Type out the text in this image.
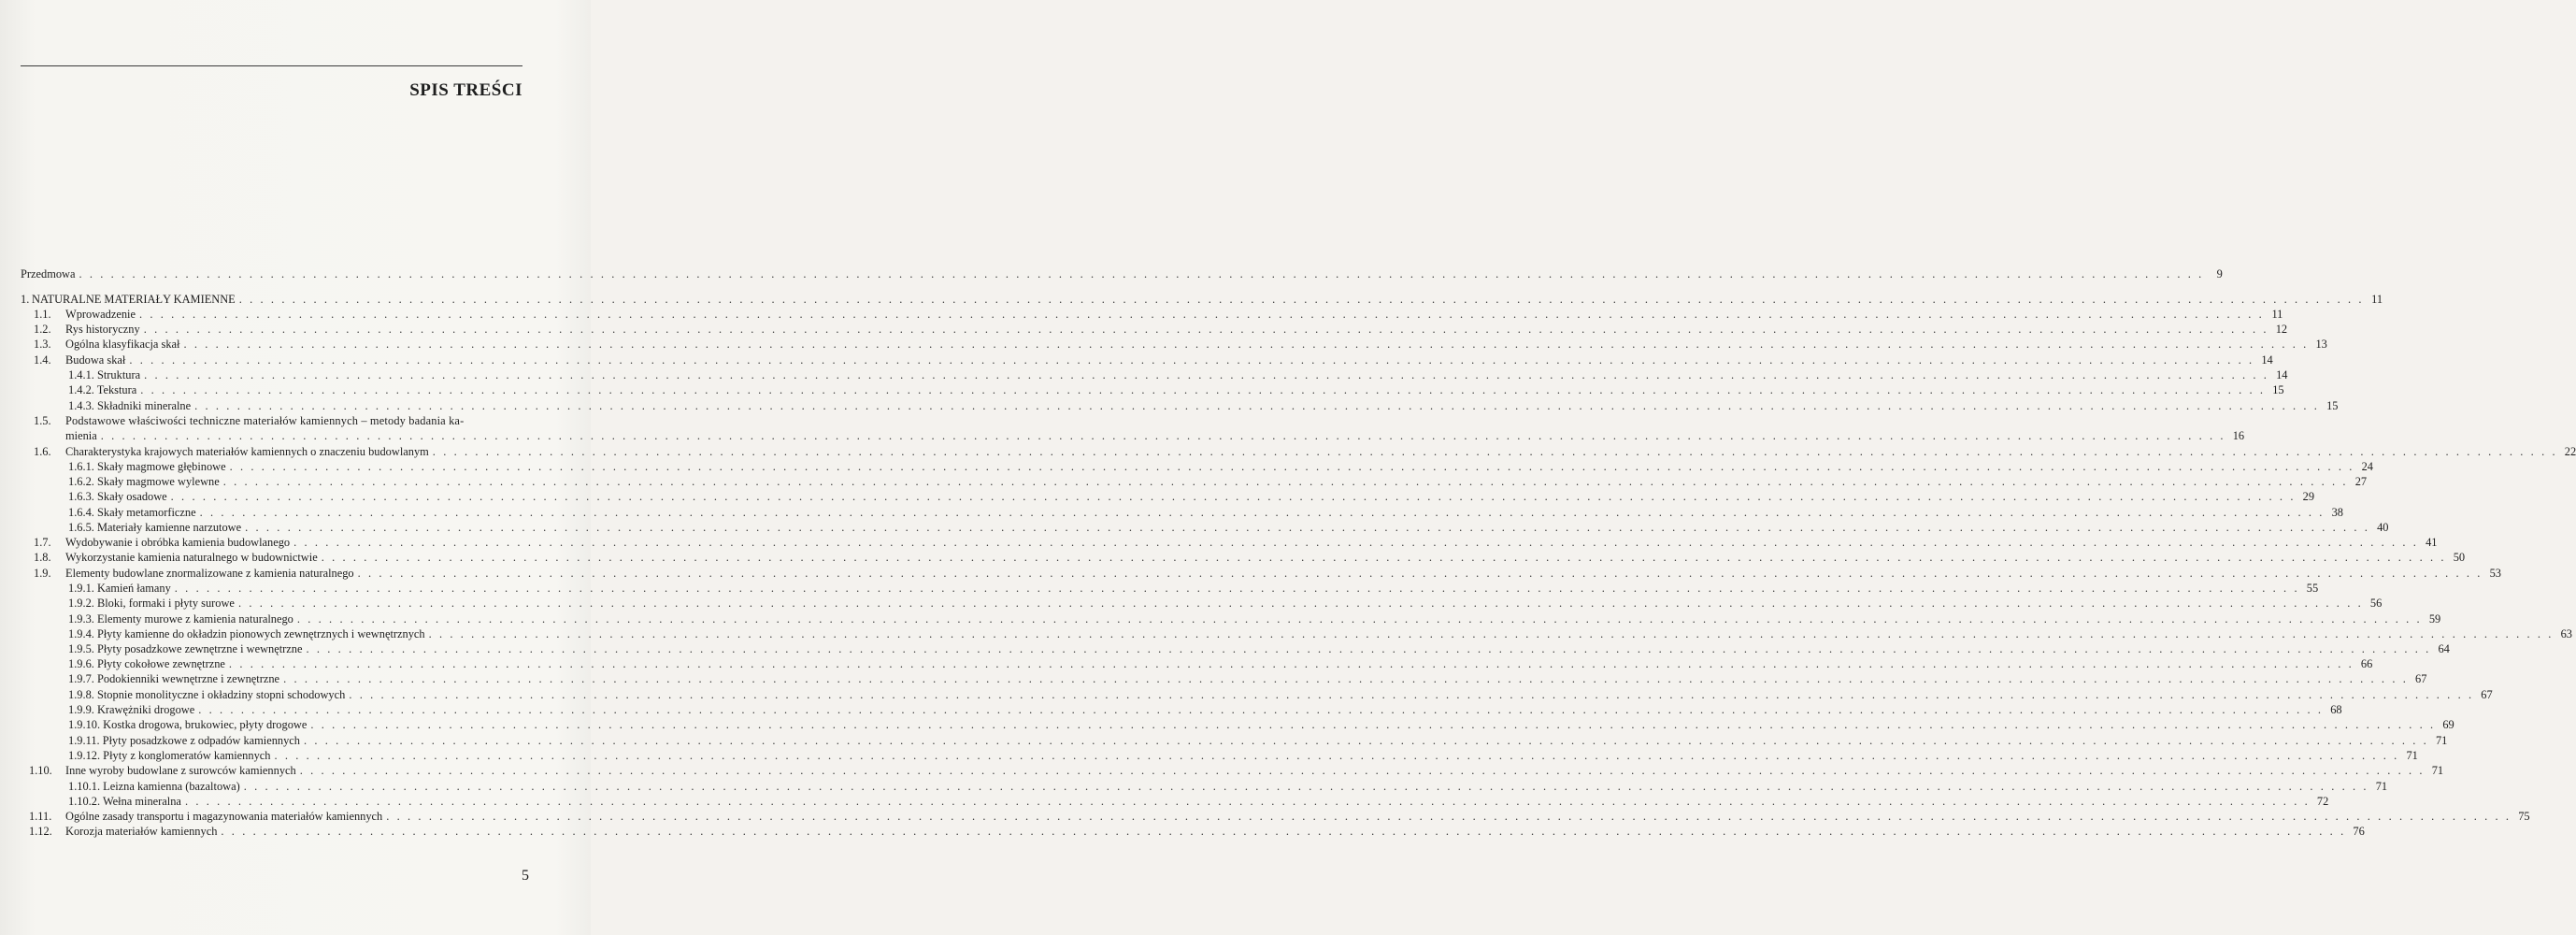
SPIS TREŚCI
Przedmowa . . . . . . . . . . . . . . . . . . . . . . . . . . . . . . . . . . . . . . . . . . . . . . . . . . . . . . . . . . . . . . . . . . . . . . . . . . . . . . . . . . . . . . . . . . . . . . . . . . . . . . . . . . . . . . . . . . . . . . . . . . . . . . . . . . . . . . . . . . . . . . . . . . . . . . . . . . . . . . . . . . . . . . . . . . . . . . . . . . . . . . . . . . . . . . . . . . . . . . . .	9
1. NATURALNE MATERIAŁY KAMIENNE . . . . . . . . . . . . . . . . . . . . . . . . . . . . . . . . . . . . . . . . . . . . . . . . . . . . . . . . . . . . . . . . . . . . . . . . . . . . . . . . . . . . . . . . . . . . . . . . . . . . . . . . . . . . . . . . . . . . . . . . . . . . . . . . . . . . . . . . . . . . . . . . . . . . . . . . . . . . . . . . . . . . . . . . . . . . . . . . . . . . . . . . . . . . . . . . . . . . . . . . 11
1.1. Wprowadzenie . . . . . . . . . . . . . . . . . . . . . . . . . . . . . . . . . . . . . . . . . . . . . . . . . . . . . . . . . . . . . . . . . . . . . . . . . . . . . . . . . . . . . . . . . . . . . . . . . . . . . . . . . . . . . . . . . . . . . . . . . . . . . . . . . . . . . . . . . . . . . . . . . . . . . . . . . . . . . . . . . . . . . . . . . . . . . . . . . . . . . . . . . . . . . . . . . . . . . . . . 11
1.2. Rys historyczny . . . . . . . . . . . . . . . . . . . . . . . . . . . . . . . . . . . . . . . . . . . . . . . . . . . . . . . . . . . . . . . . . . . . . . . . . . . . . . . . . . . . . . . . . . . . . . . . . . . . . . . . . . . . . . . . . . . . . . . . . . . . . . . . . . . . . . . . . . . . . . . . . . . . . . . . . . . . . . . . . . . . . . . . . . . . . . . . . . . . . . . . . . . . . . . . . . . . . . . . 12
1.3. Ogólna klasyfikacja skał . . . . . . . . . . . . . . . . . . . . . . . . . . . . . . . . . . . . . . . . . . . . . . . . . . . . . . . . . . . . . . . . . . . . . . . . . . . . . . . . . . . . . . . . . . . . . . . . . . . . . . . . . . . . . . . . . . . . . . . . . . . . . . . . . . . . . . . . . . . . . . . . . . . . . . . . . . . . . . . . . . . . . . . . . . . . . . . . . . . . . . . . . . . . . . . . . . . . . . . . 13
1.4. Budowa skał . . . . . . . . . . . . . . . . . . . . . . . . . . . . . . . . . . . . . . . . . . . . . . . . . . . . . . . . . . . . . . . . . . . . . . . . . . . . . . . . . . . . . . . . . . . . . . . . . . . . . . . . . . . . . . . . . . . . . . . . . . . . . . . . . . . . . . . . . . . . . . . . . . . . . . . . . . . . . . . . . . . . . . . . . . . . . . . . . . . . . . . . . . . . . . . . . . . . . . . . 14
1.4.1. Struktura . . . . . . . . . . . . . . . . . . . . . . . . . . . . . . . . . . . . . . . . . . . . . . . . . . . . . . . . . . . . . . . . . . . . . . . . . . . . . . . . . . . . . . . . . . . . . . . . . . . . . . . . . . . . . . . . . . . . . . . . . . . . . . . . . . . . . . . . . . . . . . . . . . . . . . . . . . . . . . . . . . . . . . . . . . . . . . . . . . . . . . . . . . . . . . . . . . . . . . . . 14
1.4.2. Tekstura . . . . . . . . . . . . . . . . . . . . . . . . . . . . . . . . . . . . . . . . . . . . . . . . . . . . . . . . . . . . . . . . . . . . . . . . . . . . . . . . . . . . . . . . . . . . . . . . . . . . . . . . . . . . . . . . . . . . . . . . . . . . . . . . . . . . . . . . . . . . . . . . . . . . . . . . . . . . . . . . . . . . . . . . . . . . . . . . . . . . . . . . . . . . . . . . . . . . . . . . 15
1.4.3. Składniki mineralne . . . . . . . . . . . . . . . . . . . . . . . . . . . . . . . . . . . . . . . . . . . . . . . . . . . . . . . . . . . . . . . . . . . . . . . . . . . . . . . . . . . . . . . . . . . . . . . . . . . . . . . . . . . . . . . . . . . . . . . . . . . . . . . . . . . . . . . . . . . . . . . . . . . . . . . . . . . . . . . . . . . . . . . . . . . . . . . . . . . . . . . . . . . . . . . . . . . . . . . . 15
1.5. Podstawowe właściwości techniczne materiałów kamiennych – metody badania ka-
mienia . . . . . . . . . . . . . . . . . . . . . . . . . . . . . . . . . . . . . . . . . . . . . . . . . . . . . . . . . . . . . . . . . . . . . . . . . . . . . . . . . . . . . . . . . . . . . . . . . . . . . . . . . . . . . . . . . . . . . . . . . . . . . . . . . . . . . . . . . . . . . . . . . . . . . . . . . . . . . . . . . . . . . . . . . . . . . . . . . . . . . . . . . . . . . . . . . . . . . . . . 16
1.6. Charakterystyka krajowych materiałów kamiennych o znaczeniu budowlanym . . . . . . . . . . . . . . . . . . . . . . . . . . . . . . . . . . . . . . . . . . . . . . . . . . . . . . . . . . . . . . . . . . . . . . . . . . . . . . . . . . . . . . . . . . . . . . . . . . . . . . . . . . . . . . . . . . . . . . . . . . . . . . . . . . . . . . . . . . . . . . . . . . . . . . . . . . . . . . . . . . . . . . . . . . . . . . . . . . . . . . . . . . . . . . . . . . . . . . . . 22
1.6.1. Skały magmowe głębinowe . . . . . . . . . . . . . . . . . . . . . . . . . . . . . . . . . . . . . . . . . . . . . . . . . . . . . . . . . . . . . . . . . . . . . . . . . . . . . . . . . . . . . . . . . . . . . . . . . . . . . . . . . . . . . . . . . . . . . . . . . . . . . . . . . . . . . . . . . . . . . . . . . . . . . . . . . . . . . . . . . . . . . . . . . . . . . . . . . . . . . . . . . . . . . . . . . . . . . . . . 24
1.6.2. Skały magmowe wylewne . . . . . . . . . . . . . . . . . . . . . . . . . . . . . . . . . . . . . . . . . . . . . . . . . . . . . . . . . . . . . . . . . . . . . . . . . . . . . . . . . . . . . . . . . . . . . . . . . . . . . . . . . . . . . . . . . . . . . . . . . . . . . . . . . . . . . . . . . . . . . . . . . . . . . . . . . . . . . . . . . . . . . . . . . . . . . . . . . . . . . . . . . . . . . . . . . . . . . . . . 27
1.6.3. Skały osadowe . . . . . . . . . . . . . . . . . . . . . . . . . . . . . . . . . . . . . . . . . . . . . . . . . . . . . . . . . . . . . . . . . . . . . . . . . . . . . . . . . . . . . . . . . . . . . . . . . . . . . . . . . . . . . . . . . . . . . . . . . . . . . . . . . . . . . . . . . . . . . . . . . . . . . . . . . . . . . . . . . . . . . . . . . . . . . . . . . . . . . . . . . . . . . . . . . . . . . . . . 29
1.6.4. Skały metamorficzne . . . . . . . . . . . . . . . . . . . . . . . . . . . . . . . . . . . . . . . . . . . . . . . . . . . . . . . . . . . . . . . . . . . . . . . . . . . . . . . . . . . . . . . . . . . . . . . . . . . . . . . . . . . . . . . . . . . . . . . . . . . . . . . . . . . . . . . . . . . . . . . . . . . . . . . . . . . . . . . . . . . . . . . . . . . . . . . . . . . . . . . . . . . . . . . . . . . . . . . . 38
1.6.5. Materiały kamienne narzutowe . . . . . . . . . . . . . . . . . . . . . . . . . . . . . . . . . . . . . . . . . . . . . . . . . . . . . . . . . . . . . . . . . . . . . . . . . . . . . . . . . . . . . . . . . . . . . . . . . . . . . . . . . . . . . . . . . . . . . . . . . . . . . . . . . . . . . . . . . . . . . . . . . . . . . . . . . . . . . . . . . . . . . . . . . . . . . . . . . . . . . . . . . . . . . . . . . . . . . . . . 40
1.7. Wydobywanie i obróbka kamienia budowlanego . . . . . . . . . . . . . . . . . . . . . . . . . . . . . . . . . . . . . . . . . . . . . . . . . . . . . . . . . . . . . . . . . . . . . . . . . . . . . . . . . . . . . . . . . . . . . . . . . . . . . . . . . . . . . . . . . . . . . . . . . . . . . . . . . . . . . . . . . . . . . . . . . . . . . . . . . . . . . . . . . . . . . . . . . . . . . . . . . . . . . . . . . . . . . . . . . . . . . . . . 41
1.8. Wykorzystanie kamienia naturalnego w budownictwie . . . . . . . . . . . . . . . . . . . . . . . . . . . . . . . . . . . . . . . . . . . . . . . . . . . . . . . . . . . . . . . . . . . . . . . . . . . . . . . . . . . . . . . . . . . . . . . . . . . . . . . . . . . . . . . . . . . . . . . . . . . . . . . . . . . . . . . . . . . . . . . . . . . . . . . . . . . . . . . . . . . . . . . . . . . . . . . . . . . . . . . . . . . . . . . . . . . . . . . . 50
1.9. Elementy budowlane znormalizowane z kamienia naturalnego . . . . . . . . . . . . . . . . . . . . . . . . . . . . . . . . . . . . . . . . . . . . . . . . . . . . . . . . . . . . . . . . . . . . . . . . . . . . . . . . . . . . . . . . . . . . . . . . . . . . . . . . . . . . . . . . . . . . . . . . . . . . . . . . . . . . . . . . . . . . . . . . . . . . . . . . . . . . . . . . . . . . . . . . . . . . . . . . . . . . . . . . . . . . . . . . . . . . . . . . 53
1.9.1. Kamień łamany . . . . . . . . . . . . . . . . . . . . . . . . . . . . . . . . . . . . . . . . . . . . . . . . . . . . . . . . . . . . . . . . . . . . . . . . . . . . . . . . . . . . . . . . . . . . . . . . . . . . . . . . . . . . . . . . . . . . . . . . . . . . . . . . . . . . . . . . . . . . . . . . . . . . . . . . . . . . . . . . . . . . . . . . . . . . . . . . . . . . . . . . . . . . . . . . . . . . . . . . 55
1.9.2. Bloki, formaki i płyty surowe . . . . . . . . . . . . . . . . . . . . . . . . . . . . . . . . . . . . . . . . . . . . . . . . . . . . . . . . . . . . . . . . . . . . . . . . . . . . . . . . . . . . . . . . . . . . . . . . . . . . . . . . . . . . . . . . . . . . . . . . . . . . . . . . . . . . . . . . . . . . . . . . . . . . . . . . . . . . . . . . . . . . . . . . . . . . . . . . . . . . . . . . . . . . . . . . . . . . . . . . 56
1.9.3. Elementy murowe z kamienia naturalnego . . . . . . . . . . . . . . . . . . . . . . . . . . . . . . . . . . . . . . . . . . . . . . . . . . . . . . . . . . . . . . . . . . . . . . . . . . . . . . . . . . . . . . . . . . . . . . . . . . . . . . . . . . . . . . . . . . . . . . . . . . . . . . . . . . . . . . . . . . . . . . . . . . . . . . . . . . . . . . . . . . . . . . . . . . . . . . . . . . . . . . . . . . . . . . . . . . . . . . . . 59
1.9.4. Płyty kamienne do okładzin pionowych zewnętrznych i wewnętrznych . . . . . . . . . . . . . . . . . . . . . . . . . . . . . . . . . . . . . . . . . . . . . . . . . . . . . . . . . . . . . . . . . . . . . . . . . . . . . . . . . . . . . . . . . . . . . . . . . . . . . . . . . . . . . . . . . . . . . . . . . . . . . . . . . . . . . . . . . . . . . . . . . . . . . . . . . . . . . . . . . . . . . . . . . . . . . . . . . . . . . . . . . . . . . . . . . . . . . . . . 63
1.9.5. Płyty posadzkowe zewnętrzne i wewnętrzne . . . . . . . . . . . . . . . . . . . . . . . . . . . . . . . . . . . . . . . . . . . . . . . . . . . . . . . . . . . . . . . . . . . . . . . . . . . . . . . . . . . . . . . . . . . . . . . . . . . . . . . . . . . . . . . . . . . . . . . . . . . . . . . . . . . . . . . . . . . . . . . . . . . . . . . . . . . . . . . . . . . . . . . . . . . . . . . . . . . . . . . . . . . . . . . . . . . . . . . . 64
1.9.6. Płyty cokołowe zewnętrzne . . . . . . . . . . . . . . . . . . . . . . . . . . . . . . . . . . . . . . . . . . . . . . . . . . . . . . . . . . . . . . . . . . . . . . . . . . . . . . . . . . . . . . . . . . . . . . . . . . . . . . . . . . . . . . . . . . . . . . . . . . . . . . . . . . . . . . . . . . . . . . . . . . . . . . . . . . . . . . . . . . . . . . . . . . . . . . . . . . . . . . . . . . . . . . . . . . . . . . . . 66
1.9.7. Podokienniki wewnętrzne i zewnętrzne . . . . . . . . . . . . . . . . . . . . . . . . . . . . . . . . . . . . . . . . . . . . . . . . . . . . . . . . . . . . . . . . . . . . . . . . . . . . . . . . . . . . . . . . . . . . . . . . . . . . . . . . . . . . . . . . . . . . . . . . . . . . . . . . . . . . . . . . . . . . . . . . . . . . . . . . . . . . . . . . . . . . . . . . . . . . . . . . . . . . . . . . . . . . . . . . . . . . . . . . 67
1.9.8. Stopnie monolityczne i okładziny stopni schodowych . . . . . . . . . . . . . . . . . . . . . . . . . . . . . . . . . . . . . . . . . . . . . . . . . . . . . . . . . . . . . . . . . . . . . . . . . . . . . . . . . . . . . . . . . . . . . . . . . . . . . . . . . . . . . . . . . . . . . . . . . . . . . . . . . . . . . . . . . . . . . . . . . . . . . . . . . . . . . . . . . . . . . . . . . . . . . . . . . . . . . . . . . . . . . . . . . . . . . . . . 67
1.9.9. Krawężniki drogowe . . . . . . . . . . . . . . . . . . . . . . . . . . . . . . . . . . . . . . . . . . . . . . . . . . . . . . . . . . . . . . . . . . . . . . . . . . . . . . . . . . . . . . . . . . . . . . . . . . . . . . . . . . . . . . . . . . . . . . . . . . . . . . . . . . . . . . . . . . . . . . . . . . . . . . . . . . . . . . . . . . . . . . . . . . . . . . . . . . . . . . . . . . . . . . . . . . . . . . . . 68
1.9.10. Kostka drogowa, brukowiec, płyty drogowe . . . . . . . . . . . . . . . . . . . . . . . . . . . . . . . . . . . . . . . . . . . . . . . . . . . . . . . . . . . . . . . . . . . . . . . . . . . . . . . . . . . . . . . . . . . . . . . . . . . . . . . . . . . . . . . . . . . . . . . . . . . . . . . . . . . . . . . . . . . . . . . . . . . . . . . . . . . . . . . . . . . . . . . . . . . . . . . . . . . . . . . . . . . . . . . . . . . . . . . . 69
1.9.11. Płyty posadzkowe z odpadów kamiennych . . . . . . . . . . . . . . . . . . . . . . . . . . . . . . . . . . . . . . . . . . . . . . . . . . . . . . . . . . . . . . . . . . . . . . . . . . . . . . . . . . . . . . . . . . . . . . . . . . . . . . . . . . . . . . . . . . . . . . . . . . . . . . . . . . . . . . . . . . . . . . . . . . . . . . . . . . . . . . . . . . . . . . . . . . . . . . . . . . . . . . . . . . . . . . . . . . . . . . . . 71
1.9.12. Płyty z konglomeratów kamiennych . . . . . . . . . . . . . . . . . . . . . . . . . . . . . . . . . . . . . . . . . . . . . . . . . . . . . . . . . . . . . . . . . . . . . . . . . . . . . . . . . . . . . . . . . . . . . . . . . . . . . . . . . . . . . . . . . . . . . . . . . . . . . . . . . . . . . . . . . . . . . . . . . . . . . . . . . . . . . . . . . . . . . . . . . . . . . . . . . . . . . . . . . . . . . . . . . . . . . . . . 71
1.10. Inne wyroby budowlane z surowców kamiennych . . . . . . . . . . . . . . . . . . . . . . . . . . . . . . . . . . . . . . . . . . . . . . . . . . . . . . . . . . . . . . . . . . . . . . . . . . . . . . . . . . . . . . . . . . . . . . . . . . . . . . . . . . . . . . . . . . . . . . . . . . . . . . . . . . . . . . . . . . . . . . . . . . . . . . . . . . . . . . . . . . . . . . . . . . . . . . . . . . . . . . . . . . . . . . . . . . . . . . . . 71
1.10.1. Leizna kamienna (bazaltowa) . . . . . . . . . . . . . . . . . . . . . . . . . . . . . . . . . . . . . . . . . . . . . . . . . . . . . . . . . . . . . . . . . . . . . . . . . . . . . . . . . . . . . . . . . . . . . . . . . . . . . . . . . . . . . . . . . . . . . . . . . . . . . . . . . . . . . . . . . . . . . . . . . . . . . . . . . . . . . . . . . . . . . . . . . . . . . . . . . . . . . . . . . . . . . . . . . . . . . . . . 71
1.10.2. Wełna mineralna . . . . . . . . . . . . . . . . . . . . . . . . . . . . . . . . . . . . . . . . . . . . . . . . . . . . . . . . . . . . . . . . . . . . . . . . . . . . . . . . . . . . . . . . . . . . . . . . . . . . . . . . . . . . . . . . . . . . . . . . . . . . . . . . . . . . . . . . . . . . . . . . . . . . . . . . . . . . . . . . . . . . . . . . . . . . . . . . . . . . . . . . . . . . . . . . . . . . . . . . 72
1.11. Ogólne zasady transportu i magazynowania materiałów kamiennych . . . . . . . . . . . . . . . . . . . . . . . . . . . . . . . . . . . . . . . . . . . . . . . . . . . . . . . . . . . . . . . . . . . . . . . . . . . . . . . . . . . . . . . . . . . . . . . . . . . . . . . . . . . . . . . . . . . . . . . . . . . . . . . . . . . . . . . . . . . . . . . . . . . . . . . . . . . . . . . . . . . . . . . . . . . . . . . . . . . . . . . . . . . . . . . . . . . . . . . . 75
1.12. Korozja materiałów kamiennych . . . . . . . . . . . . . . . . . . . . . . . . . . . . . . . . . . . . . . . . . . . . . . . . . . . . . . . . . . . . . . . . . . . . . . . . . . . . . . . . . . . . . . . . . . . . . . . . . . . . . . . . . . . . . . . . . . . . . . . . . . . . . . . . . . . . . . . . . . . . . . . . . . . . . . . . . . . . . . . . . . . . . . . . . . . . . . . . . . . . . . . . . . . . . . . . . . . . . . . . 76
5
